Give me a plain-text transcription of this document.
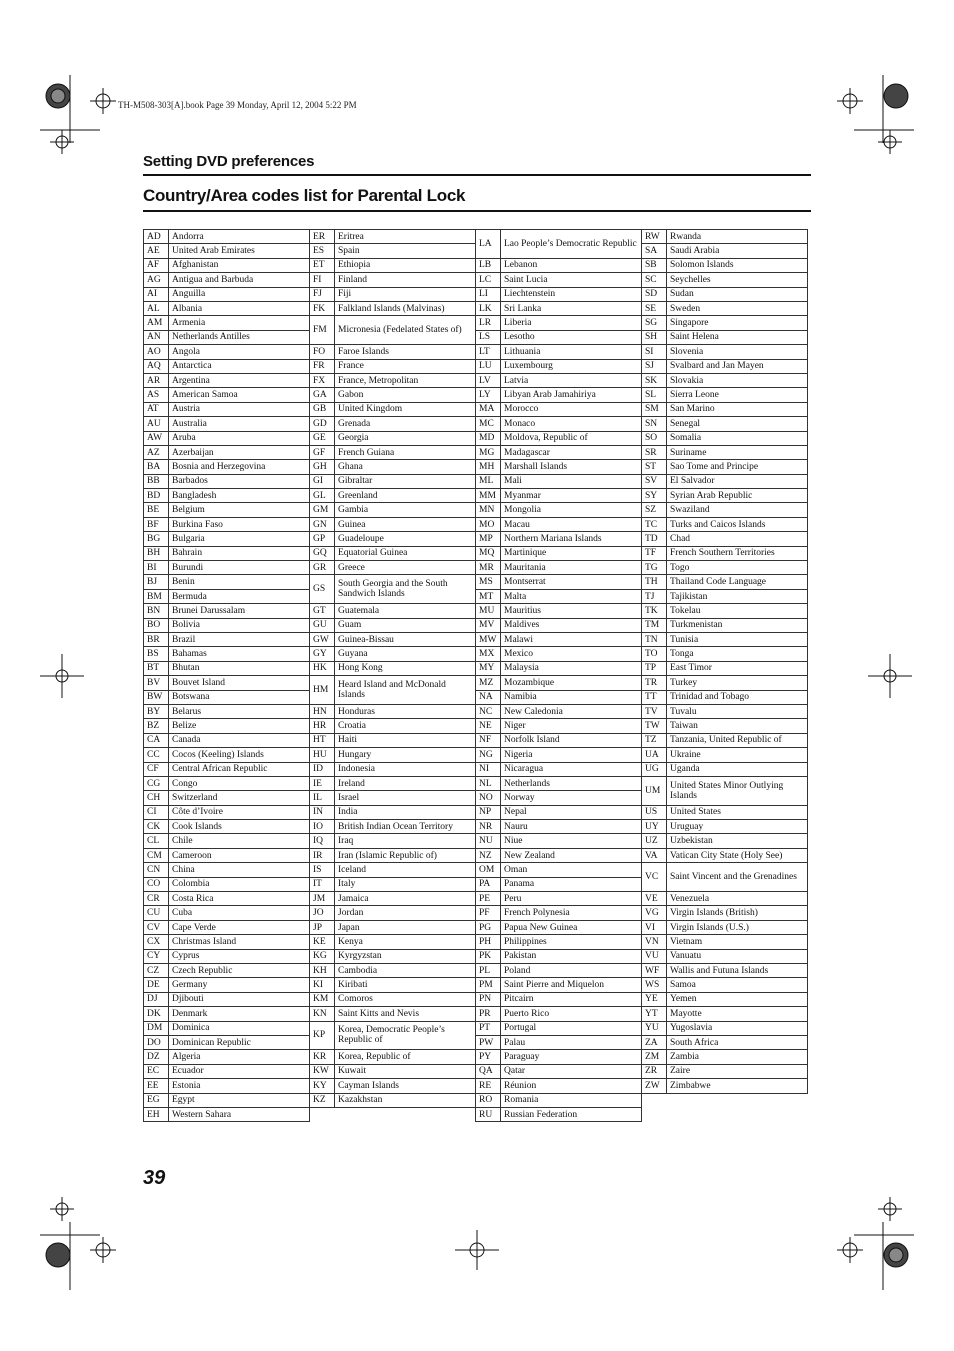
TH-M508-303[A].book Page 39 Monday, April 12, 2004 5:22 PM
Setting DVD preferences
Country/Area codes list for Parental Lock
AD	Andorra	ER	Eritrea	LA	Lao People’s Democratic Republic	RW	Rwanda
AE	United Arab Emirates	ES	Spain			SA	Saudi Arabia
AF	Afghanistan	ET	Ethiopia	LB	Lebanon	SB	Solomon Islands
AG	Antigua and Barbuda	FI	Finland	LC	Saint Lucia	SC	Seychelles
AI	Anguilla	FJ	Fiji	LI	Liechtenstein	SD	Sudan
AL	Albania	FK	Falkland Islands (Malvinas)	LK	Sri Lanka	SE	Sweden
AM	Armenia	FM	Micronesia (Fedelated States of)	LR	Liberia	SG	Singapore
AN	Netherlands Antilles			LS	Lesotho	SH	Saint Helena
AO	Angola	FO	Faroe Islands	LT	Lithuania	SI	Slovenia
AQ	Antarctica	FR	France	LU	Luxembourg	SJ	Svalbard and Jan Mayen
AR	Argentina	FX	France, Metropolitan	LV	Latvia	SK	Slovakia
AS	American Samoa	GA	Gabon	LY	Libyan Arab Jamahiriya	SL	Sierra Leone
AT	Austria	GB	United Kingdom	MA	Morocco	SM	San Marino
AU	Australia	GD	Grenada	MC	Monaco	SN	Senegal
AW	Aruba	GE	Georgia	MD	Moldova, Republic of	SO	Somalia
AZ	Azerbaijan	GF	French Guiana	MG	Madagascar	SR	Suriname
BA	Bosnia and Herzegovina	GH	Ghana	MH	Marshall Islands	ST	Sao Tome and Principe
BB	Barbados	GI	Gibraltar	ML	Mali	SV	El Salvador
BD	Bangladesh	GL	Greenland	MM	Myanmar	SY	Syrian Arab Republic
BE	Belgium	GM	Gambia	MN	Mongolia	SZ	Swaziland
BF	Burkina Faso	GN	Guinea	MO	Macau	TC	Turks and Caicos Islands
BG	Bulgaria	GP	Guadeloupe	MP	Northern Mariana Islands	TD	Chad
BH	Bahrain	GQ	Equatorial Guinea	MQ	Martinique	TF	French Southern Territories
BI	Burundi	GR	Greece	MR	Mauritania	TG	Togo
BJ	Benin	GS	South Georgia and the South Sandwich Islands	MS	Montserrat	TH	Thailand Code Language
BM	Bermuda			MT	Malta	TJ	Tajikistan
BN	Brunei Darussalam	GT	Guatemala	MU	Mauritius	TK	Tokelau
BO	Bolivia	GU	Guam	MV	Maldives	TM	Turkmenistan
BR	Brazil	GW	Guinea-Bissau	MW	Malawi	TN	Tunisia
BS	Bahamas	GY	Guyana	MX	Mexico	TO	Tonga
BT	Bhutan	HK	Hong Kong	MY	Malaysia	TP	East Timor
BV	Bouvet Island	HM	Heard Island and McDonald Islands	MZ	Mozambique	TR	Turkey
BW	Botswana			NA	Namibia	TT	Trinidad and Tobago
BY	Belarus	HN	Honduras	NC	New Caledonia	TV	Tuvalu
BZ	Belize	HR	Croatia	NE	Niger	TW	Taiwan
CA	Canada	HT	Haiti	NF	Norfolk Island	TZ	Tanzania, United Republic of
CC	Cocos (Keeling) Islands	HU	Hungary	NG	Nigeria	UA	Ukraine
CF	Central African Republic	ID	Indonesia	NI	Nicaragua	UG	Uganda
CG	Congo	IE	Ireland	NL	Netherlands	UM	United States Minor Outlying Islands
CH	Switzerland	IL	Israel	NO	Norway		
CI	Côte d’Ivoire	IN	India	NP	Nepal	US	United States
CK	Cook Islands	IO	British Indian Ocean Territory	NR	Nauru	UY	Uruguay
CL	Chile	IQ	Iraq	NU	Niue	UZ	Uzbekistan
CM	Cameroon	IR	Iran (Islamic Republic of)	NZ	New Zealand	VA	Vatican City State (Holy See)
CN	China	IS	Iceland	OM	Oman	VC	Saint Vincent and the Grenadines
CO	Colombia	IT	Italy	PA	Panama		
CR	Costa Rica	JM	Jamaica	PE	Peru	VE	Venezuela
CU	Cuba	JO	Jordan	PF	French Polynesia	VG	Virgin Islands (British)
CV	Cape Verde	JP	Japan	PG	Papua New Guinea	VI	Virgin Islands (U.S.)
CX	Christmas Island	KE	Kenya	PH	Philippines	VN	Vietnam
CY	Cyprus	KG	Kyrgyzstan	PK	Pakistan	VU	Vanuatu
CZ	Czech Republic	KH	Cambodia	PL	Poland	WF	Wallis and Futuna Islands
DE	Germany	KI	Kiribati	PM	Saint Pierre and Miquelon	WS	Samoa
DJ	Djibouti	KM	Comoros	PN	Pitcairn	YE	Yemen
DK	Denmark	KN	Saint Kitts and Nevis	PR	Puerto Rico	YT	Mayotte
DM	Dominica	KP	Korea, Democratic People’s Republic of	PT	Portugal	YU	Yugoslavia
DO	Dominican Republic			PW	Palau	ZA	South Africa
DZ	Algeria	KR	Korea, Republic of	PY	Paraguay	ZM	Zambia
EC	Ecuador	KW	Kuwait	QA	Qatar	ZR	Zaire
EE	Estonia	KY	Cayman Islands	RE	Réunion	ZW	Zimbabwe
EG	Egypt	KZ	Kazakhstan	RO	Romania		
EH	Western Sahara			RU	Russian Federation		
39
